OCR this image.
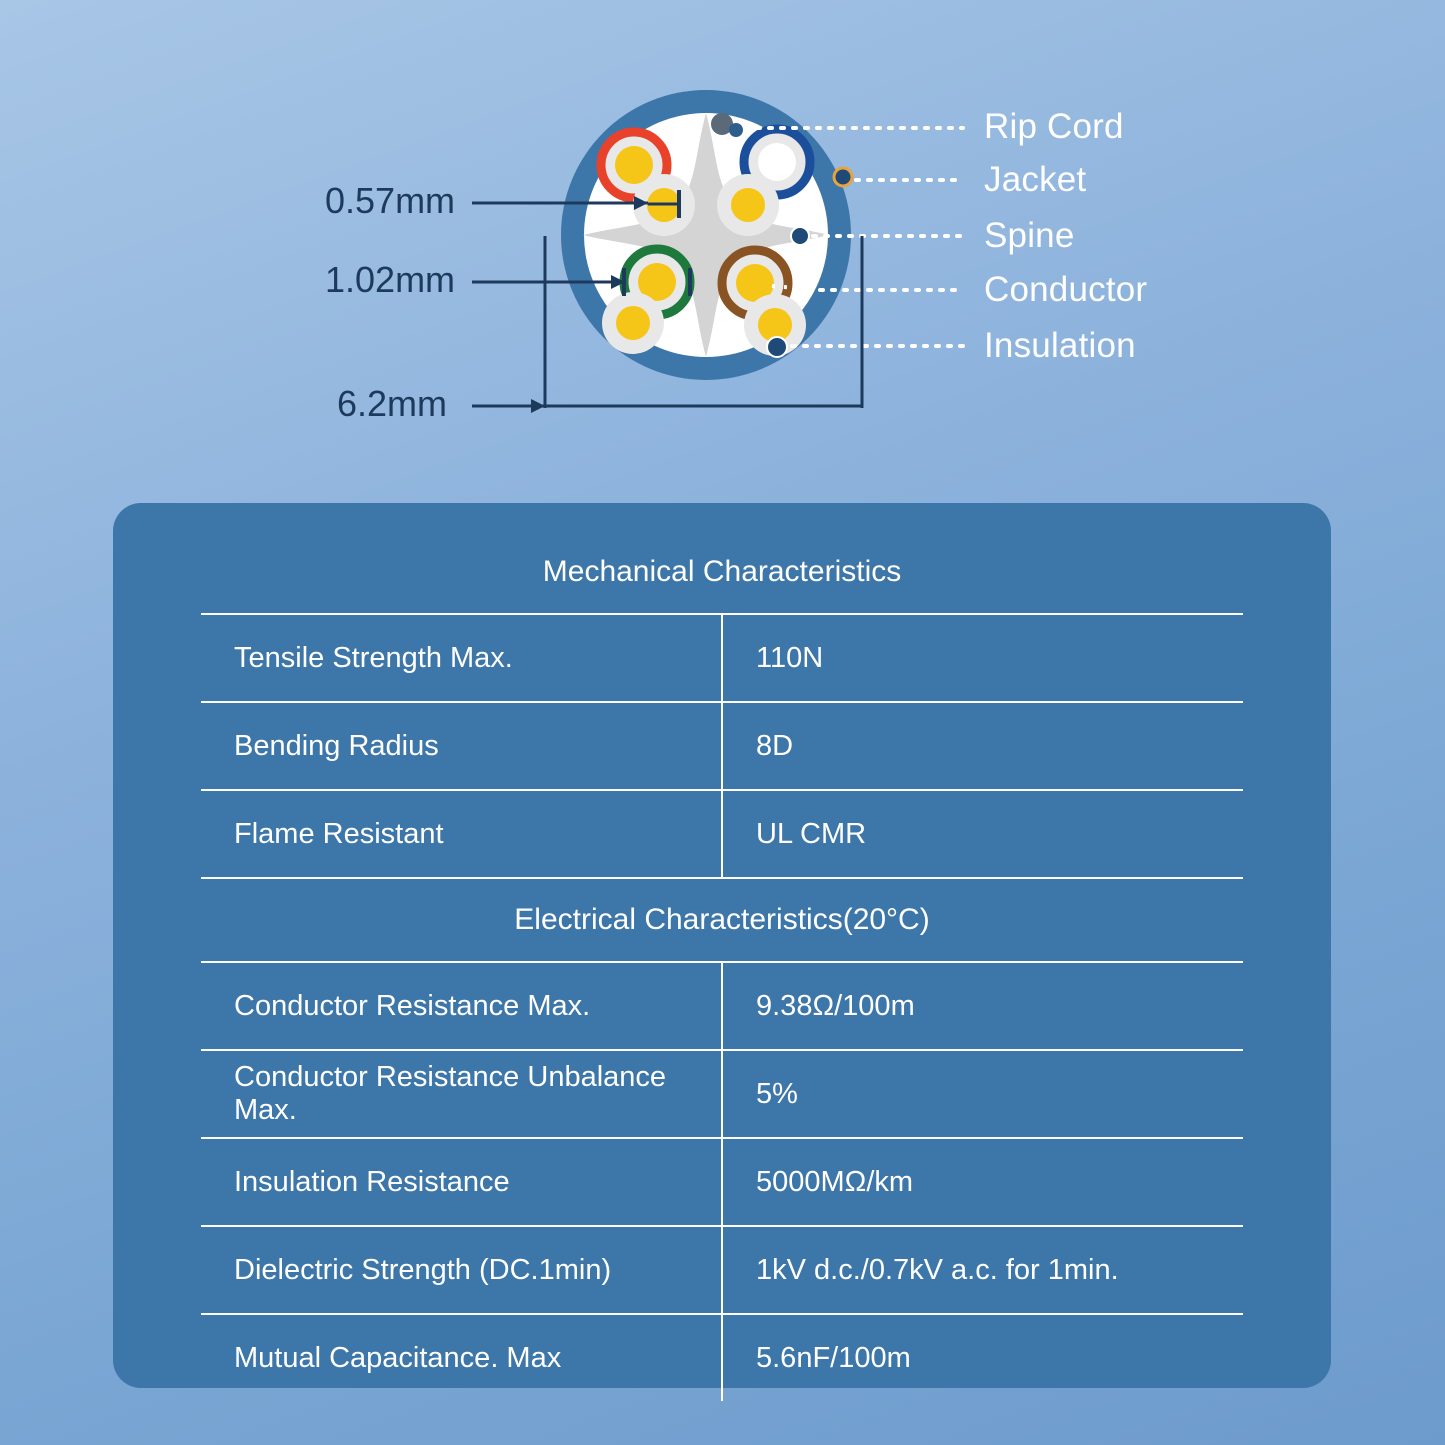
Rip Cord
Jacket
Spine
Conductor
Insulation
0.57mm
1.02mm
6.2mm
Mechanical Characteristics	
Tensile Strength Max.	110N
Bending Radius	8D
Flame Resistant	UL CMR
Electrical Characteristics(20°C)	
Conductor Resistance Max.	9.38Ω/100m
Conductor Resistance Unbalance Max.	5%
Insulation Resistance	5000MΩ/km
Dielectric Strength (DC.1min)	1kV d.c./0.7kV a.c. for 1min.
Mutual Capacitance. Max	5.6nF/100m
